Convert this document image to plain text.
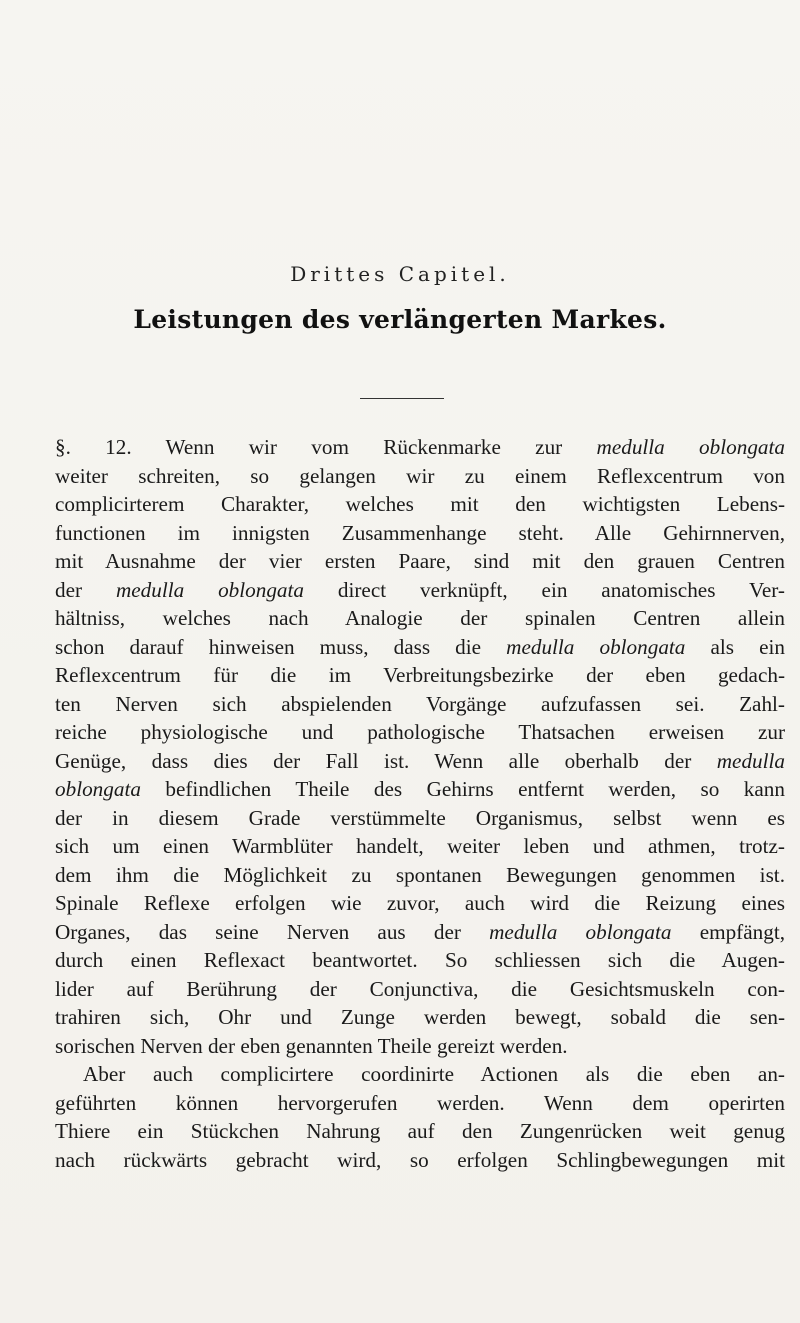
Drittes Capitel.
Leistungen des verlängerten Markes.
§. 12. Wenn wir vom Rückenmarke zur medulla oblongata
weiter schreiten, so gelangen wir zu einem Reflexcentrum von
complicirterem Charakter, welches mit den wichtigsten Lebens-
functionen im innigsten Zusammenhange steht. Alle Gehirnnerven,
mit Ausnahme der vier ersten Paare, sind mit den grauen Centren
der medulla oblongata direct verknüpft, ein anatomisches Ver-
hältniss, welches nach Analogie der spinalen Centren allein
schon darauf hinweisen muss, dass die medulla oblongata als ein
Reflexcentrum für die im Verbreitungsbezirke der eben gedach-
ten Nerven sich abspielenden Vorgänge aufzufassen sei. Zahl-
reiche physiologische und pathologische Thatsachen erweisen zur
Genüge, dass dies der Fall ist. Wenn alle oberhalb der medulla
oblongata befindlichen Theile des Gehirns entfernt werden, so kann
der in diesem Grade verstümmelte Organismus, selbst wenn es
sich um einen Warmblüter handelt, weiter leben und athmen, trotz-
dem ihm die Möglichkeit zu spontanen Bewegungen genommen ist.
Spinale Reflexe erfolgen wie zuvor, auch wird die Reizung eines
Organes, das seine Nerven aus der medulla oblongata empfängt,
durch einen Reflexact beantwortet. So schliessen sich die Augen-
lider auf Berührung der Conjunctiva, die Gesichtsmuskeln con-
trahiren sich, Ohr und Zunge werden bewegt, sobald die sen-
sorischen Nerven der eben genannten Theile gereizt werden.
Aber auch complicirtere coordinirte Actionen als die eben an-
geführten können hervorgerufen werden. Wenn dem operirten
Thiere ein Stückchen Nahrung auf den Zungenrücken weit genug
nach rückwärts gebracht wird, so erfolgen Schlingbewegungen mit
